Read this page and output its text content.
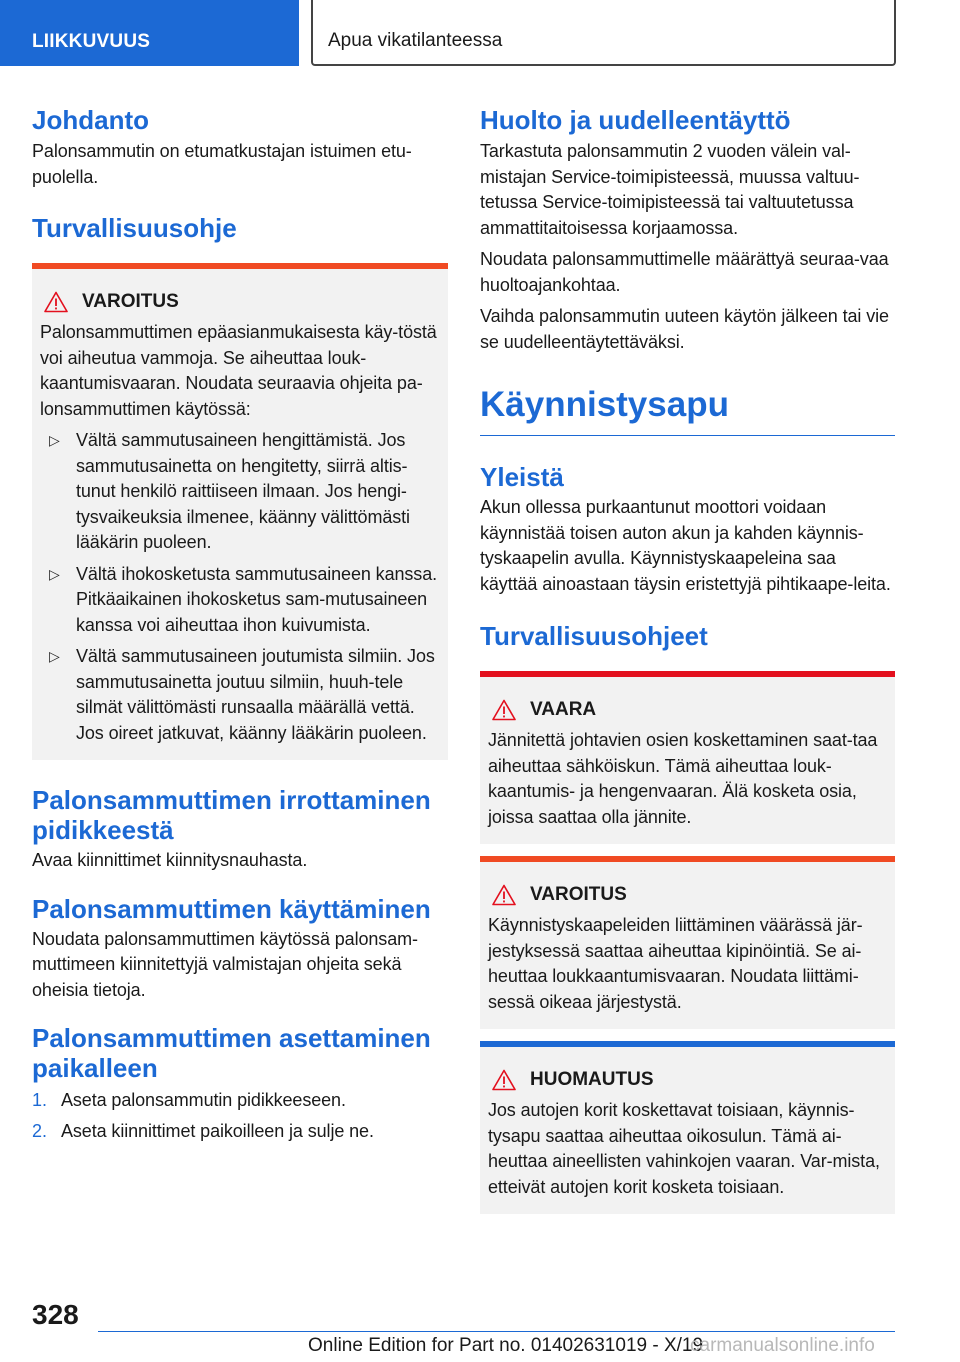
LIIKKUVUUS	Apua vikatilanteessa
Johdanto
Palonsammutin on etumatkustajan istuimen etu-puolella.
Turvallisuusohje
VAROITUS
Palonsammuttimen epäasianmukaisesta käy-töstä voi aiheutua vammoja. Se aiheuttaa louk-kaantumisvaaran. Noudata seuraavia ohjeita pa-lonsammuttimen käytössä:
▷ Vältä sammutusaineen hengittämistä. Jos sammutusainetta on hengitetty, siirrä altis-tunut henkilö raittiiseen ilmaan. Jos hengi-tysvaikeuksia ilmenee, käänny välittömästi lääkärin puoleen.
▷ Vältä ihokosketusta sammutusaineen kanssa. Pitkäaikainen ihokosketus sam-mutusaineen kanssa voi aiheuttaa ihon kuivumista.
▷ Vältä sammutusaineen joutumista silmiin. Jos sammutusainetta joutuu silmiin, huuh-tele silmät välittömästi runsaalla määrällä vettä. Jos oireet jatkuvat, käänny lääkärin puoleen.
Palonsammuttimen irrottaminen pidikkeestä
Avaa kiinnittimet kiinnitysnauhasta.
Palonsammuttimen käyttäminen
Noudata palonsammuttimen käytössä palonsam-muttimeen kiinnitettyjä valmistajan ohjeita sekä oheisia tietoja.
Palonsammuttimen asettaminen paikalleen
1. Aseta palonsammutin pidikkeeseen.
2. Aseta kiinnittimet paikoilleen ja sulje ne.
Huolto ja uudelleentäyttö
Tarkastuta palonsammutin 2 vuoden välein val-mistajan Service-toimipisteessä, muussa valtuu-tetussa Service-toimipisteessä tai valtuutetussa ammattitaitoisessa korjaamossa.
Noudata palonsammuttimelle määrättyä seuraa-vaa huoltoajankohtaa.
Vaihda palonsammutin uuteen käytön jälkeen tai vie se uudelleentäytettäväksi.
Käynnistysapu
Yleistä
Akun ollessa purkaantunut moottori voidaan käynnistää toisen auton akun ja kahden käynnis-tyskaapelin avulla. Käynnistyskaapeleina saa käyttää ainoastaan täysin eristettyjä pihtikaape-leita.
Turvallisuusohjeet
VAARA
Jännitettä johtavien osien koskettaminen saat-taa aiheuttaa sähköiskun. Tämä aiheuttaa louk-kaantumis- ja hengenvaaran. Älä kosketa osia, joissa saattaa olla jännite.
VAROITUS
Käynnistyskaapeleiden liittäminen väärässä jär-jestyksessä saattaa aiheuttaa kipinöintiä. Se ai-heuttaa loukkaantumisvaaran. Noudata liittämi-sessä oikeaa järjestystä.
HUOMAUTUS
Jos autojen korit koskettavat toisiaan, käynnis-tysapu saattaa aiheuttaa oikosulun. Tämä ai-heuttaa aineellisten vahinkojen vaaran. Var-mista, etteivät autojen korit kosketa toisiaan.
328
Online Edition for Part no. 01402631019 - X/19
carmanualsonline.info
